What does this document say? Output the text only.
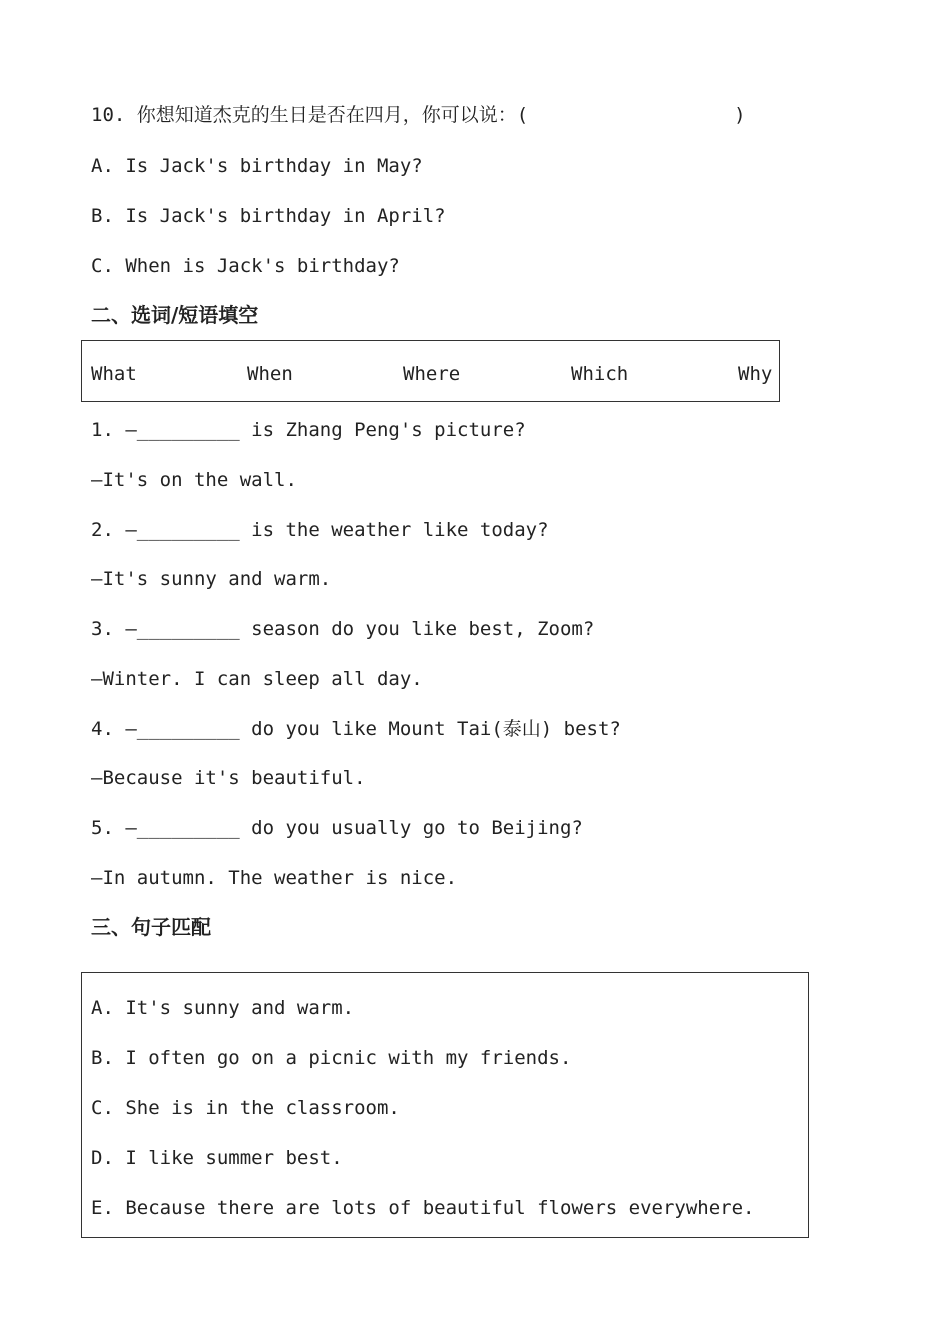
10. 你想知道杰克的生日是否在四月，你可以说：(                  )
A. Is Jack's birthday in May?
B. Is Jack's birthday in April?
C. When is Jack's birthday?
二、选词/短语填空
What	When	Where	Which	Why
1. —_________ is Zhang Peng's picture?
—It's on the wall.
2. —_________ is the weather like today?
—It's sunny and warm.
3. —_________ season do you like best, Zoom?
—Winter. I can sleep all day.
4. —_________ do you like Mount Tai(泰山) best?
—Because it's beautiful.
5. —_________ do you usually go to Beijing?
—In autumn. The weather is nice.
三、句子匹配
A. It's sunny and warm.
B. I often go on a picnic with my friends.
C. She is in the classroom.
D. I like summer best.
E. Because there are lots of beautiful flowers everywhere.
